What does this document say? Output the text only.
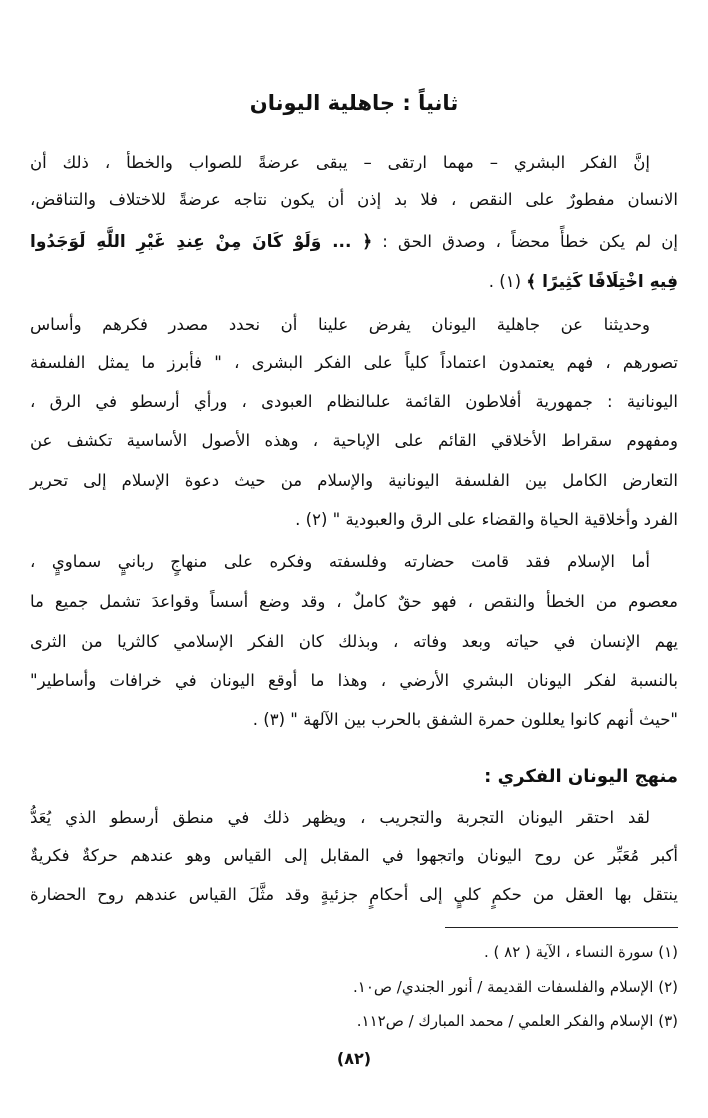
ثانياً : جاهلية اليونان
إنَّ الفكر البشري – مهما ارتقى – يبقى عرضةً للصواب والخطأ ، ذلك أن
الانسان مفطورٌ على النقص ، فلا بد إذن أن يكون نتاجه عرضةً للاختلاف والتناقض،
إن لم يكن خطأً محضاً ، وصدق الحق : ﴿ ... وَلَوْ كَانَ مِنْ عِندِ غَيْرِ اللَّهِ لَوَجَدُوا
فِيهِ اخْتِلَافًا كَثِيرًا ﴾ (١) .
وحديثنا عن جاهلية اليونان يفرض علينا أن نحدد مصدر فكرهم وأساس
تصورهم ، فهم يعتمدون اعتماداً كلياً على الفكر البشرى ، " فأبرز ما يمثل الفلسفة
اليونانية : جمهورية أفلاطون القائمة علىالنظام العبودى ، ورأي أرسطو في الرق ،
ومفهوم سقراط الأخلاقي القائم على الإباحية ، وهذه الأصول الأساسية تكشف عن
التعارض الكامل بين الفلسفة اليونانية والإسلام من حيث دعوة الإسلام إلى تحرير
الفرد وأخلاقية الحياة والقضاء على الرق والعبودية " (٢) .
أما الإسلام فقد قامت حضارته وفلسفته وفكره على منهاجٍ ربانيٍ سماويٍ ،
معصوم من الخطأ والنقص ، فهو حقٌ كاملٌ ، وقد وضع أسساً وقواعدَ تشمل جميع ما
يهم الإنسان في حياته وبعد وفاته ، وبذلك كان الفكر الإسلامي كالثريا من الثرى
بالنسبة لفكر اليونان البشري الأرضي ، وهذا ما أوقع اليونان في خرافات وأساطير"
"حيث أنهم كانوا يعللون حمرة الشفق بالحرب بين الآلهة " (٣) .
منهج اليونان الفكري :
لقد احتقر اليونان التجربة والتجريب ، ويظهر ذلك في منطق أرسطو الذي يُعَدُّ
أكبر مُعَبِّر عن روح اليونان واتجهوا في المقابل إلى القياس وهو عندهم حركةٌ فكريةٌ
ينتقل بها العقل من حكمٍ كليٍ إلى أحكامٍ جزئيةٍ وقد مثَّلَ القياس عندهم روح الحضارة
(١) سورة النساء ، الآية ( ٨٢ ) .
(٢) الإسلام والفلسفات القديمة / أنور الجندي/ ص١٠.
(٣) الإسلام والفكر العلمي / محمد المبارك / ص١١٢.
(٨٢)
